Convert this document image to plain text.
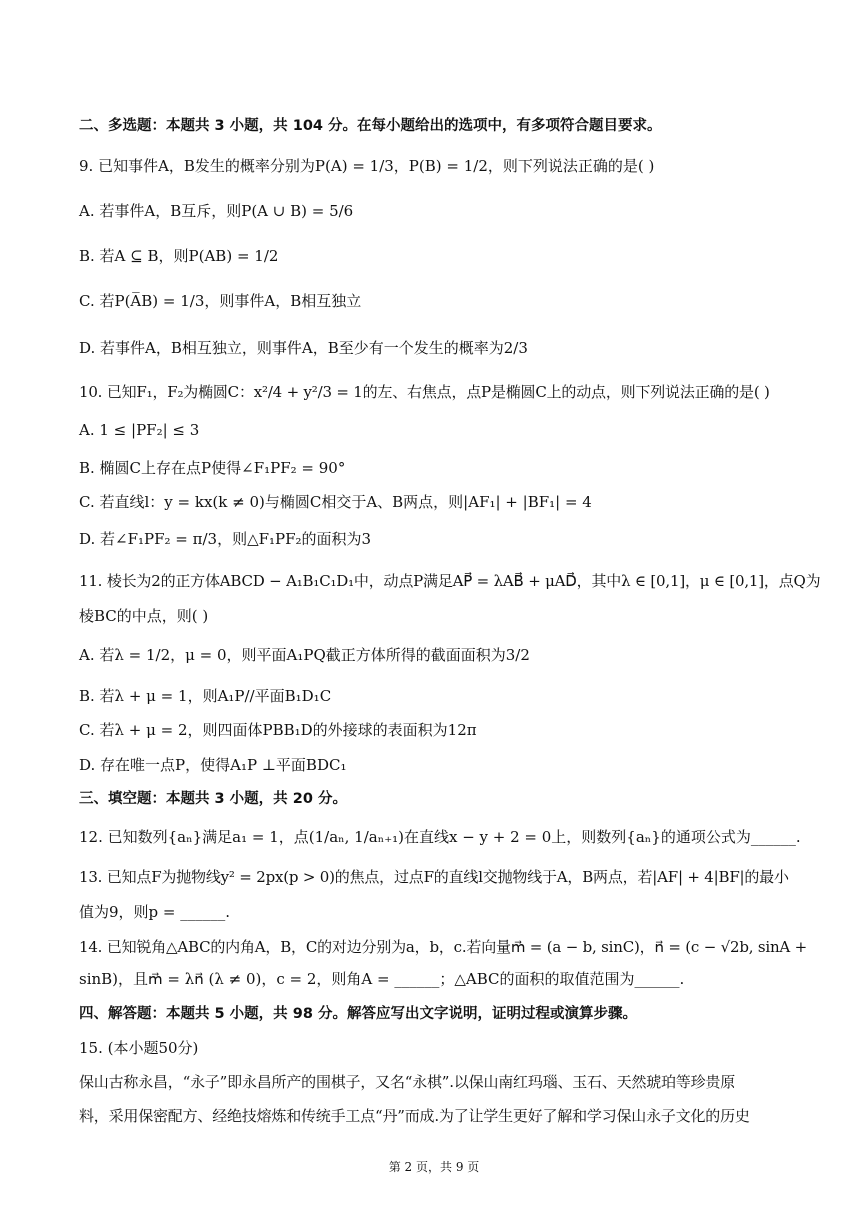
二、多选题：本题共 3 小题，共 104 分。在每小题给出的选项中，有多项符合题目要求。
9. 已知事件A，B发生的概率分别为P(A) = 1/3，P(B) = 1/2，则下列说法正确的是( )
A. 若事件A，B互斥，则P(A ∪ B) = 5/6
B. 若A ⊆ B，则P(AB) = 1/2
C. 若P(A̅B) = 1/3，则事件A，B相互独立
D. 若事件A，B相互独立，则事件A，B至少有一个发生的概率为2/3
10. 已知F₁，F₂为椭圆C：x²/4 + y²/3 = 1的左、右焦点，点P是椭圆C上的动点，则下列说法正确的是( )
A. 1 ≤ |PF₂| ≤ 3
B. 椭圆C上存在点P使得∠F₁PF₂ = 90°
C. 若直线l：y = kx(k ≠ 0)与椭圆C相交于A、B两点，则|AF₁| + |BF₁| = 4
D. 若∠F₁PF₂ = π/3，则△F₁PF₂的面积为3
11. 棱长为2的正方体ABCD − A₁B₁C₁D₁中，动点P满足AP⃗ = λAB⃗ + μAD⃗，其中λ ∈ [0,1]，μ ∈ [0,1]，点Q为
棱BC的中点，则( )
A. 若λ = 1/2，μ = 0，则平面A₁PQ截正方体所得的截面面积为3/2
B. 若λ + μ = 1，则A₁P//平面B₁D₁C
C. 若λ + μ = 2，则四面体PBB₁D的外接球的表面积为12π
D. 存在唯一点P，使得A₁P ⊥平面BDC₁
三、填空题：本题共 3 小题，共 20 分。
12. 已知数列{aₙ}满足a₁ = 1，点(1/aₙ, 1/aₙ₊₁)在直线x − y + 2 = 0上，则数列{aₙ}的通项公式为______.
13. 已知点F为抛物线y² = 2px(p > 0)的焦点，过点F的直线l交抛物线于A，B两点，若|AF| + 4|BF|的最小
值为9，则p = ______.
14. 已知锐角△ABC的内角A，B，C的对边分别为a，b，c.若向量m⃗ = (a − b, sinC)，n⃗ = (c − √2b, sinA +
sinB)，且m⃗ = λn⃗ (λ ≠ 0)，c = 2，则角A = ______；△ABC的面积的取值范围为______.
四、解答题：本题共 5 小题，共 98 分。解答应写出文字说明，证明过程或演算步骤。
15. (本小题50分)
保山古称永昌，“永子”即永昌所产的围棋子，又名“永棋”.以保山南红玛瑙、玉石、天然琥珀等珍贵原
料，采用保密配方、经绝技熔炼和传统手工点“丹”而成.为了让学生更好了解和学习保山永子文化的历史
第 2 页，共 9 页
